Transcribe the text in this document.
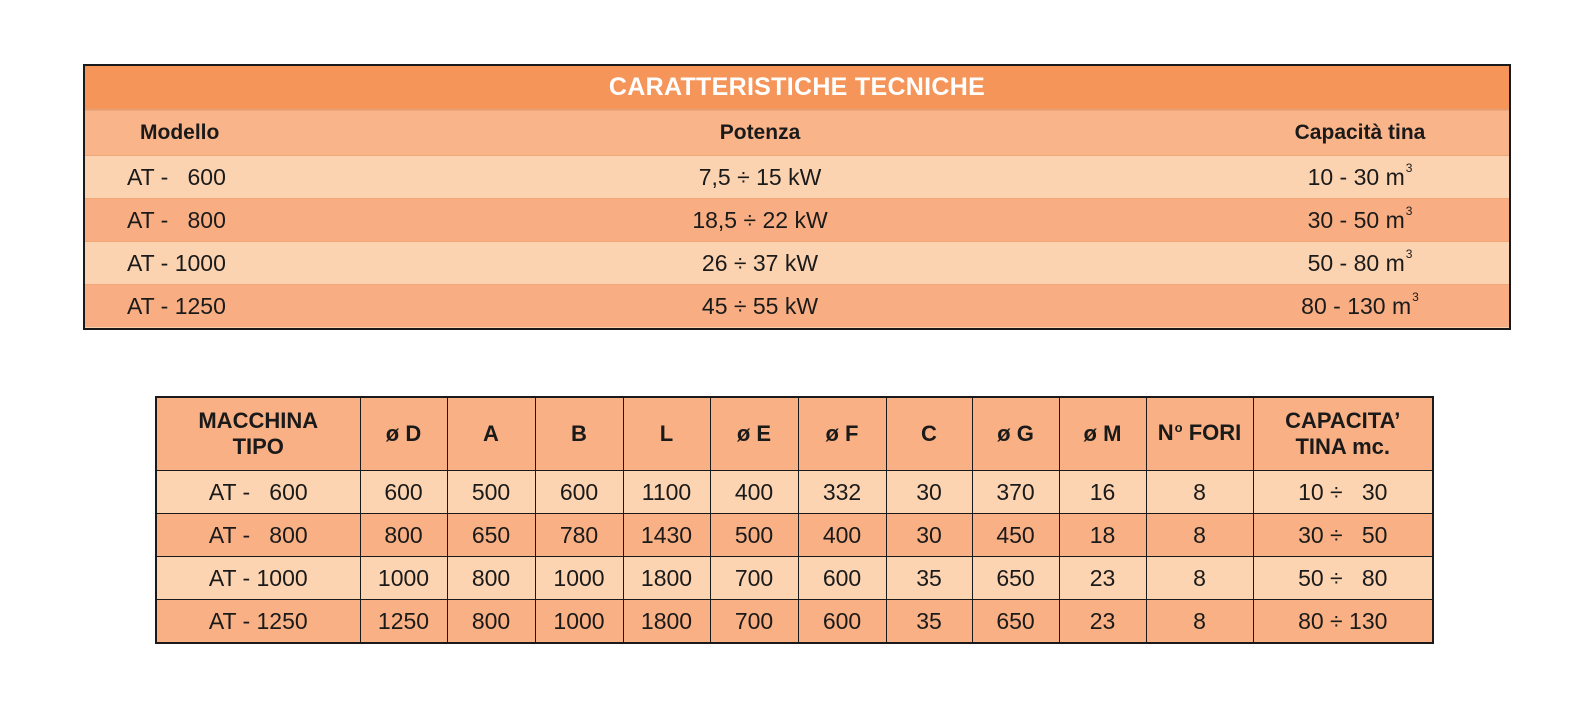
CARATTERISTICHE TECNICHE
Modello	Potenza	Capacità tina
AT -   600	7,5 ÷ 15 kW	10 - 30
m 3
AT -   800	18,5 ÷ 22 kW	30 - 50
m 3
AT - 1000	26 ÷ 37 kW	50 - 80
m 3
AT - 1250	45 ÷ 55 kW	80 - 130
m 3
MACCHINA
TIPO	ø D	A	B	L	ø E	ø F	C	ø G	ø M	$N^o$ FORI	CAPACITA’
TINA mc.
AT -   600	600	500	600	1100	400	332	30	370	16	8	10 ÷   30
AT -   800	800	650	780	1430	500	400	30	450	18	8	30 ÷   50
AT - 1000	1000	800	1000	1800	700	600	35	650	23	8	50 ÷   80
AT - 1250	1250	800	1000	1800	700	600	35	650	23	8	80 ÷ 130
